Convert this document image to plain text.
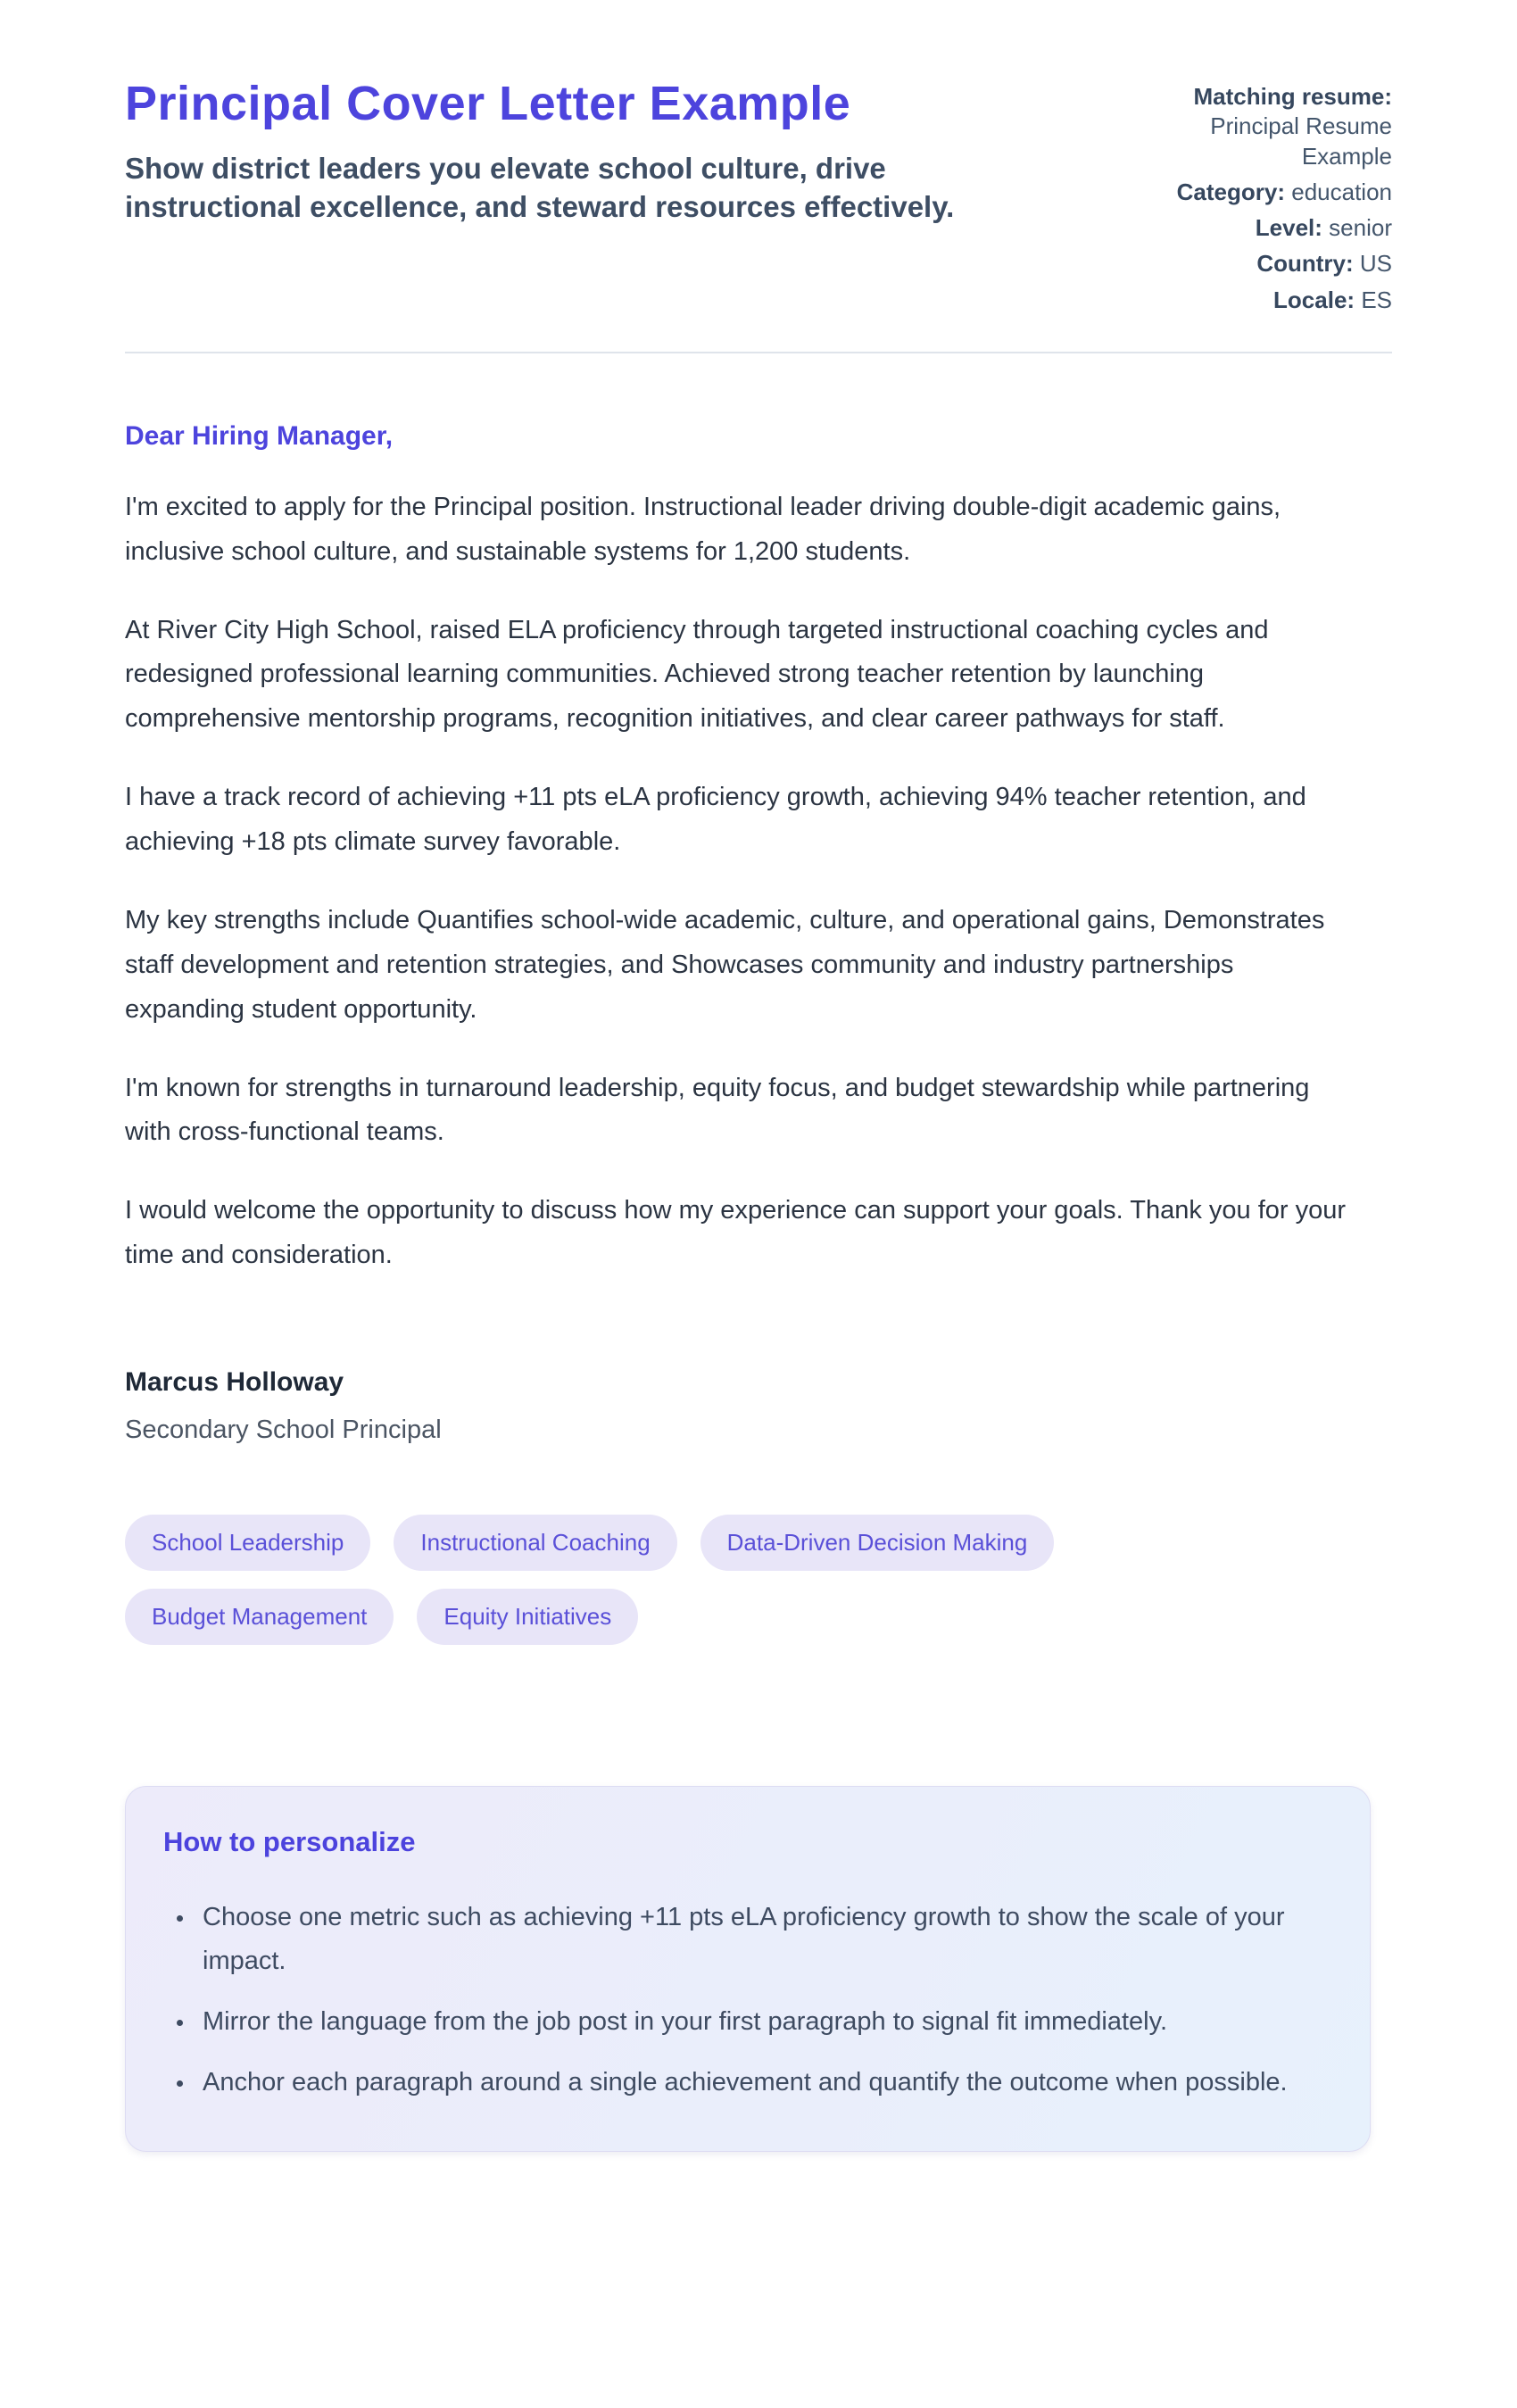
Principal Cover Letter Example
Show district leaders you elevate school culture, drive instructional excellence, and steward resources effectively.
Matching resume: Principal Resume Example
Category: education
Level: senior
Country: US
Locale: ES
Dear Hiring Manager,

I'm excited to apply for the Principal position. Instructional leader driving double-digit academic gains, inclusive school culture, and sustainable systems for 1,200 students.

At River City High School, raised ELA proficiency through targeted instructional coaching cycles and redesigned professional learning communities. Achieved strong teacher retention by launching comprehensive mentorship programs, recognition initiatives, and clear career pathways for staff.

I have a track record of achieving +11 pts eLA proficiency growth, achieving 94% teacher retention, and achieving +18 pts climate survey favorable.

My key strengths include Quantifies school-wide academic, culture, and operational gains, Demonstrates staff development and retention strategies, and Showcases community and industry partnerships expanding student opportunity.

I'm known for strengths in turnaround leadership, equity focus, and budget stewardship while partnering with cross-functional teams.

I would welcome the opportunity to discuss how my experience can support your goals. Thank you for your time and consideration.

Marcus Holloway
Secondary School Principal
School Leadership	Instructional Coaching	Data-Driven Decision Making
Budget Management	Equity Initiatives
How to personalize
• Choose one metric such as achieving +11 pts eLA proficiency growth to show the scale of your impact.
• Mirror the language from the job post in your first paragraph to signal fit immediately.
• Anchor each paragraph around a single achievement and quantify the outcome when possible.
